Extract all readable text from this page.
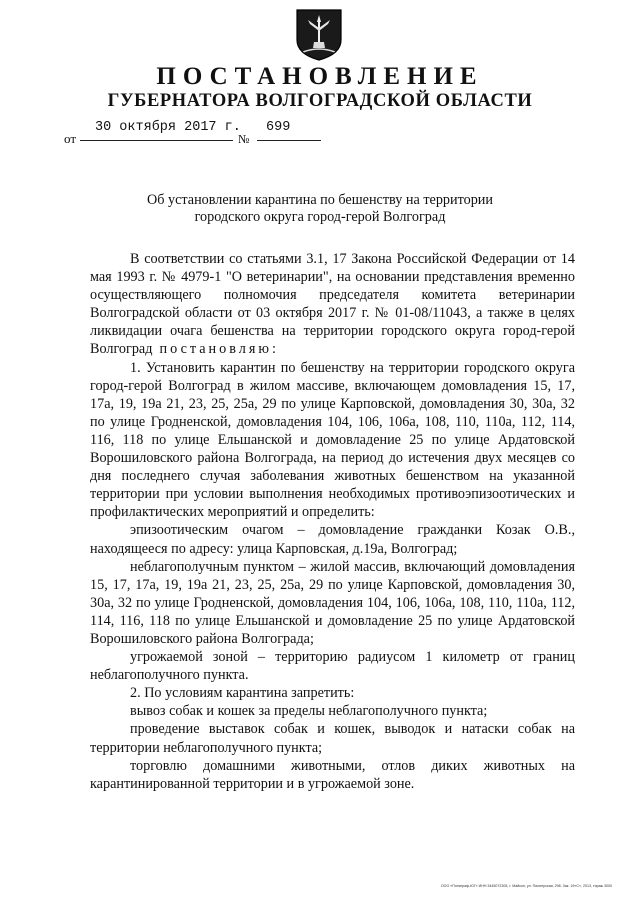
ПОСТАНОВЛЕНИЕ
ГУБЕРНАТОРА ВОЛГОГРАДСКОЙ ОБЛАСТИ
от
30 октября 2017 г.
№
699
Об установлении карантина по бешенству на территории
городского округа город-герой Волгоград

В соответствии со статьями 3.1, 17 Закона Российской Федерации от 14 мая 1993 г. № 4979-1 "О ветеринарии", на основании представления временно осуществляющего полномочия председателя комитета ветеринарии Волгоградской области от 03 октября 2017 г. № 01-08/11043, а также в целях ликвидации очага бешенства на территории городского округа город-герой Волгоград постановляю:

1. Установить карантин по бешенству на территории городского округа город-герой Волгоград в жилом массиве, включающем домовладения 15, 17, 17а, 19, 19а 21, 23, 25, 25а, 29 по улице Карповской, домовладения 30, 30а, 32 по улице Гродненской, домовладения 104, 106, 106а, 108, 110, 110а, 112, 114, 116, 118 по улице Ельшанской и домовладение 25 по улице Ардатовской Ворошиловского района Волгограда, на период до истечения двух месяцев со дня последнего случая заболевания животных бешенством на указанной территории при условии выполнения необходимых противоэпизоотических и профилактических мероприятий и определить:

эпизоотическим очагом – домовладение гражданки Козак О.В., находящееся по адресу: улица Карповская, д.19а, Волгоград;

неблагополучным пунктом – жилой массив, включающий домовладения 15, 17, 17а, 19, 19а 21, 23, 25, 25а, 29 по улице Карповской, домовладения 30, 30а, 32 по улице Гродненской, домовладения 104, 106, 106а, 108, 110, 110а, 112, 114, 116, 118 по улице Ельшанской и домовладение 25 по улице Ардатовской Ворошиловского района Волгограда;

угрожаемой зоной – территорию радиусом 1 километр от границ неблагополучного пункта.

2. По условиям карантина запретить:

вывоз собак и кошек за пределы неблагополучного пункта;

проведение выставок собак и кошек, выводок и натаски собак на территории неблагополучного пункта;

торговлю домашними животными, отлов диких животных на карантинированной территории и в угрожаемой зоне.

ООО «Полиграф-ЮГ» ИНН 3445072305, г. Майкоп, ул. Пионерская, 298. Зак. 19«С», 2013, тираж 3000
